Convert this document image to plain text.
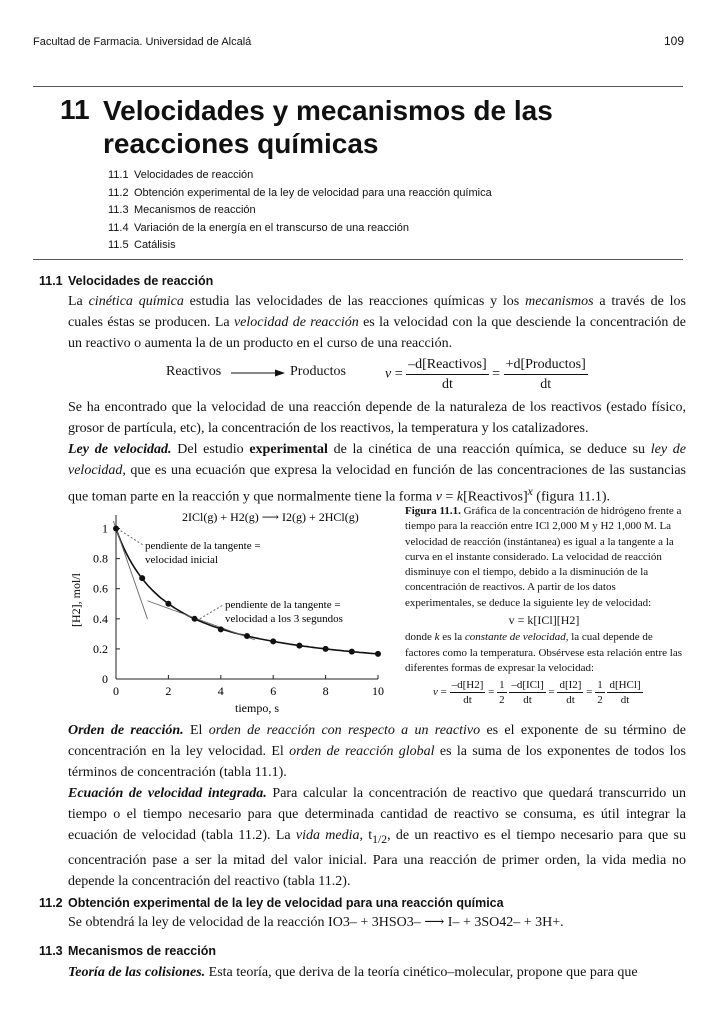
Facultad de Farmacia. Universidad de Alcalá	109
11 Velocidades y mecanismos de las
reacciones químicas
11.1 Velocidades de reacción
11.2 Obtención experimental de la ley de velocidad para una reacción química
11.3 Mecanismos de reacción
11.4 Variación de la energía en el transcurso de una reacción
11.5 Catálisis
11.1 Velocidades de reacción

La cinética química estudia las velocidades de las reacciones químicas y los mecanismos a través de los cuales éstas se producen. La velocidad de reacción es la velocidad con la que desciende la concentración de un reactivo o aumenta la de un producto en el curso de una reacción.

Reactivos → Productos	$v = \frac{\text{–d[Reactivos]}}{dt} = \frac{\text{+d[Productos]}}{dt}$

Se ha encontrado que la velocidad de una reacción depende de la naturaleza de los reactivos (estado físico, grosor de partícula, etc), la concentración de los reactivos, la temperatura y los catalizadores.

Ley de velocidad. Del estudio experimental de la cinética de una reacción química, se deduce su ley de velocidad, que es una ecuación que expresa la velocidad en función de las concentraciones de las sustancias que toman parte en la reacción y que normalmente tiene la forma v = k[Reactivos]$^x$ (figura 11.1).

2ICl(g) + H2(g) ⟶ I2(g) + 2HCl(g)
0	2	4	6	8	10
0
0.2
0.4
0.6
0.8
1
pendiente de la tangente = velocidad inicial
pendiente de la tangente = velocidad a los 3 segundos
tiempo, s
[H2], mol/l

Figura 11.1. Gráfica de la concentración de hidrógeno frente a tiempo para la reacción entre ICl 2,000 M y H2 1,000 M. La velocidad de reacción (instántanea) es igual a la tangente a la curva en el instante considerado. La velocidad de reacción disminuye con el tiempo, debido a la disminución de la concentración de reactivos. A partir de los datos experimentales, se deduce la siguiente ley de velocidad:

v = k[ICl][H2]

donde k es la constante de velocidad, la cual depende de factores como la temperatura. Obsérvese esta relación entre las diferentes formas de expresar la velocidad:

$v = \frac{-d[H2]}{dt} = \frac{1}{2}$
$\frac{\text{–d[ICl]}}{dt} = \frac{d[I2]}{dt} = \frac{1}{2}$
$\frac{\text{d[HCl]}}{dt}$

Orden de reacción. El orden de reacción con respecto a un reactivo es el exponente de su término de concentración en la ley velocidad. El orden de reacción global es la suma de los exponentes de todos los términos de concentración (tabla 11.1).

Ecuación de velocidad integrada. Para calcular la concentración de reactivo que quedará transcurrido un tiempo o el tiempo necesario para que determinada cantidad de reactivo se consuma, es útil integrar la ecuación de velocidad (tabla 11.2). La vida media, $t_{1/2}$, de un reactivo es el tiempo necesario para que su concentración pase a ser la mitad del valor inicial. Para una reacción de primer orden, la vida media no depende la concentración del reactivo (tabla 11.2).

11.2 Obtención experimental de la ley de velocidad para una reacción química
Se obtendrá la ley de velocidad de la reacción IO3– + 3HSO3– ⟶ I– + 3SO42– + 3H+.
11.3 Mecanismos de reacción

Teoría de las colisiones. Esta teoría, que deriva de la teoría cinético–molecular, propone que para que
